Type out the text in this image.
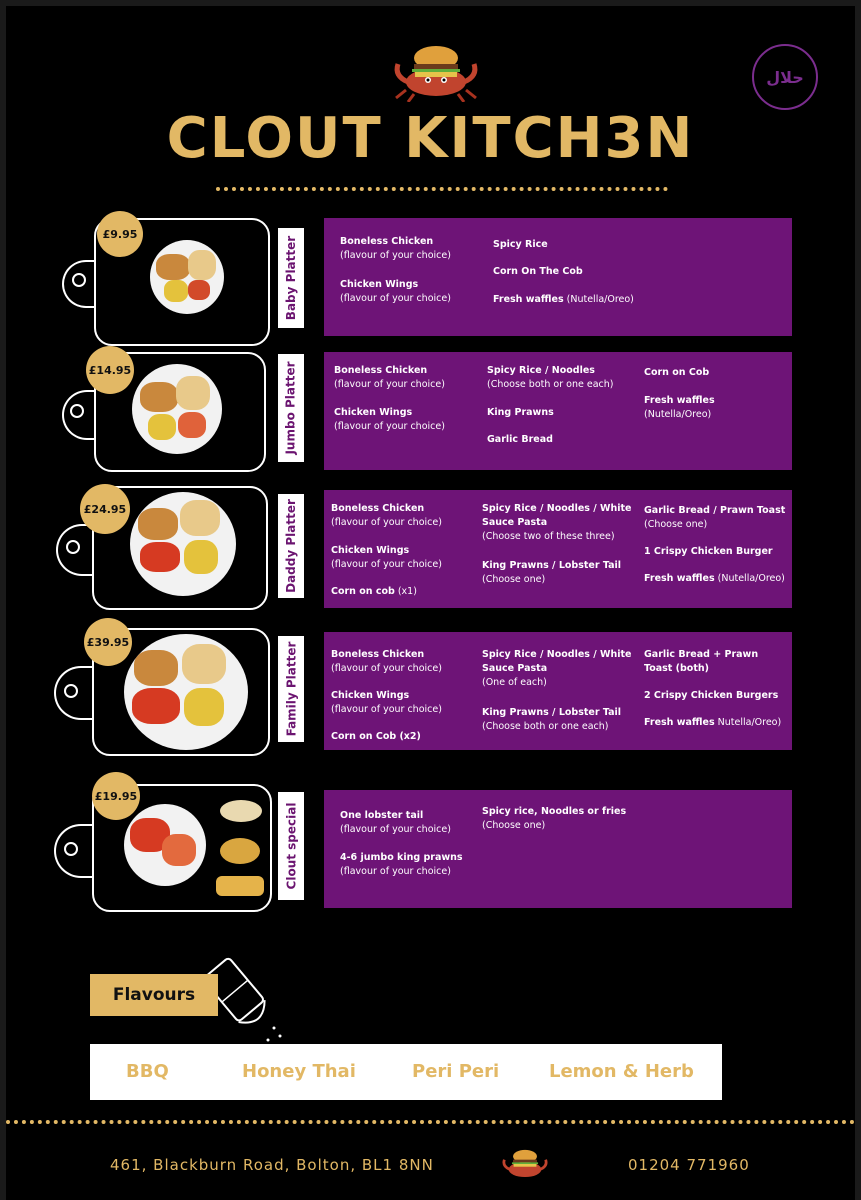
حلال
CLOUT KITCH3N
£9.95
Baby Platter	Boneless Chicken
(flavour of your choice)
Chicken Wings
(flavour of your choice)
Spicy Rice
Corn On The Cob
Fresh waffles (Nutella/Oreo)
£14.95	Jumbo Platter	Boneless Chicken
(flavour of your choice)
Chicken Wings
(flavour of your choice)
Spicy Rice / Noodles
(Choose both or one each)
King Prawns
Garlic Bread
Corn on Cob
Fresh waffles
(Nutella/Oreo)
£24.95	Daddy Platter	Boneless Chicken
(flavour of your choice)
Chicken Wings
(flavour of your choice)
Corn on cob (x1)
Spicy Rice / Noodles / White Sauce Pasta
(Choose two of these three)
King Prawns / Lobster Tail
(Choose one)
Garlic Bread / Prawn Toast
(Choose one)
1 Crispy Chicken Burger
Fresh waffles (Nutella/Oreo)
£39.95	Family Platter	Boneless Chicken
(flavour of your choice)
Chicken Wings
(flavour of your choice)
Corn on Cob (x2)
Spicy Rice / Noodles / White Sauce Pasta
(One of each)
King Prawns / Lobster Tail
(Choose both or one each)
Garlic Bread + Prawn Toast (both)
2 Crispy Chicken Burgers
Fresh waffles Nutella/Oreo)
£19.95
Clout special	One lobster tail
(flavour of your choice)
4-6 jumbo king prawns
(flavour of your choice)
Spicy rice, Noodles or fries
(Choose one)
Flavours
BBQ	Honey Thai	Peri Peri	Lemon & Herb
461, Blackburn Road, Bolton, BL1 8NN	01204 771960
